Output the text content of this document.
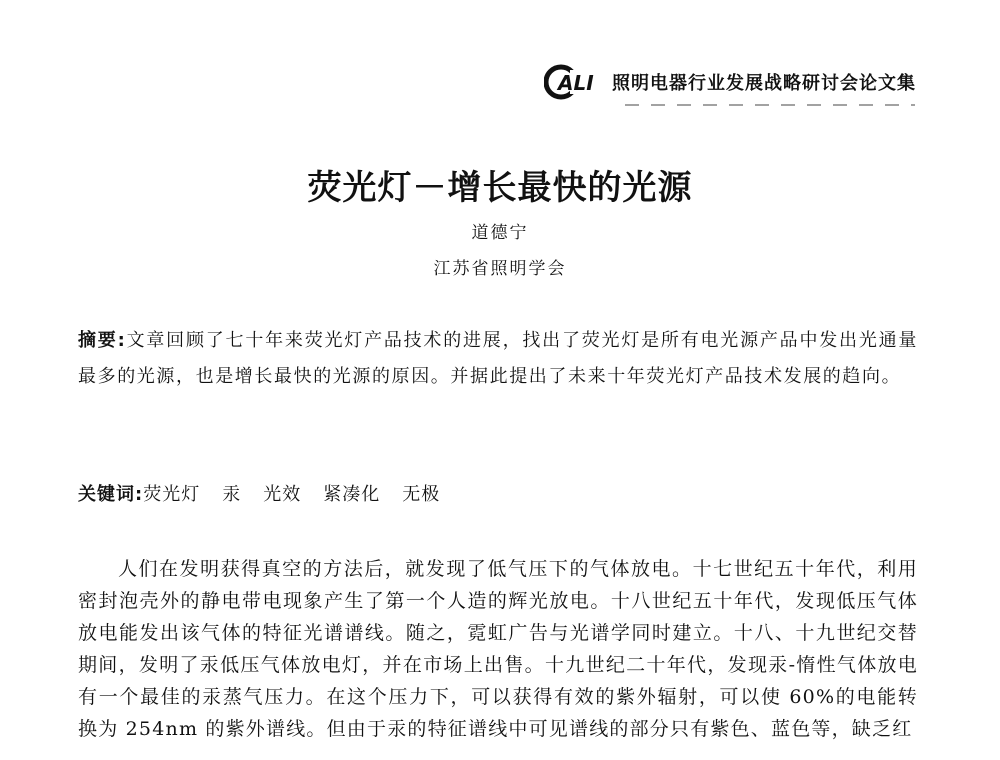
ALI 照明电器行业发展战略研讨会论文集
荧光灯－增长最快的光源
道德宁
江苏省照明学会
摘要:文章回顾了七十年来荧光灯产品技术的进展，找出了荧光灯是所有电光源产品中发出光通量最多的光源，也是增长最快的光源的原因。并据此提出了未来十年荧光灯产品技术发展的趋向。
关键词:荧光灯 汞 光效 紧凑化 无极
人们在发明获得真空的方法后，就发现了低气压下的气体放电。十七世纪五十年代，利用密封泡壳外的静电带电现象产生了第一个人造的辉光放电。十八世纪五十年代，发现低压气体放电能发出该气体的特征光谱谱线。随之，霓虹广告与光谱学同时建立。十八、十九世纪交替期间，发明了汞低压气体放电灯，并在市场上出售。十九世纪二十年代，发现汞-惰性气体放电有一个最佳的汞蒸气压力。在这个压力下，可以获得有效的紫外辐射，可以使 60%的电能转换为 254nm 的紫外谱线。但由于汞的特征谱线中可见谱线的部分只有紫色、蓝色等，缺乏红
